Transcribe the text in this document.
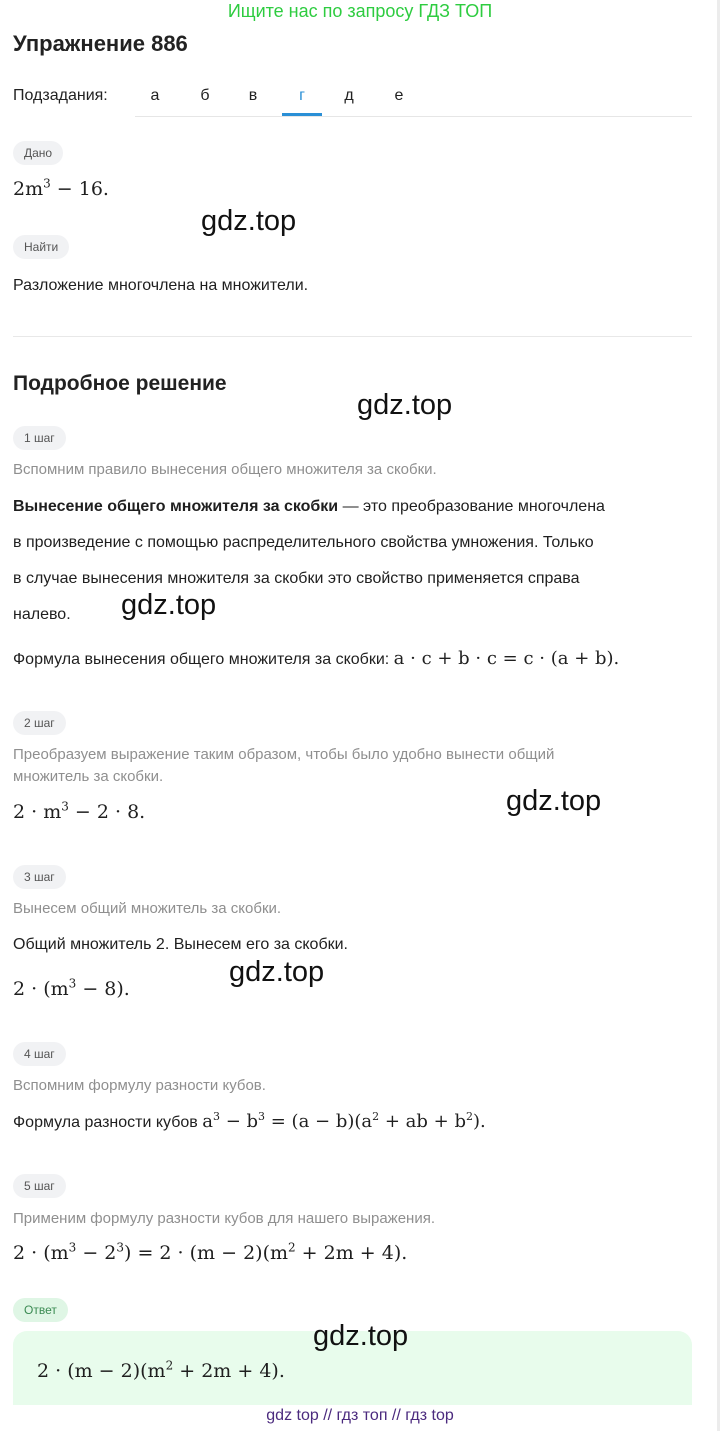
Ищите нас по запросу ГДЗ ТОП
Упражнение 886
Подзадания:	а	б	в	г	д	е
Дано
$2m^3 - 16$.
gdz.top
Найти
Разложение многочлена на множители.
Подробное решение
gdz.top
1 шаг
Вспомним правило вынесения общего множителя за скобки.
Вынесение общего множителя за скобки — это преобразование многочлена
в произведение с помощью распределительного свойства умножения. Только
в случае вынесения множителя за скобки это свойство применяется справа
налево. gdz.top
Формула вынесения общего множителя за скобки: a · c + b · c = c · (a + b).
2 шаг
Преобразуем выражение таким образом, чтобы было удобно вынести общий
множитель за скобки.
$2 \cdot m^3 - 2 \cdot 8$.	gdz.top
3 шаг
Вынесем общий множитель за скобки.
Общий множитель 2. Вынесем его за скобки.
gdz.top
$2 \cdot (m^3 - 8)$.
4 шаг
Вспомним формулу разности кубов.
Формула разности кубов $a^3 - b^3 = (a - b)(a^2$ + ab + $b^2$).
5 шаг
Применим формулу разности кубов для нашего выражения.
$2 \cdot (m^3 - 2^3) = 2 \cdot (m - 2)(m^2 + 2m + 4)$.
Ответ
gdz.top
$2 \cdot (m - 2)(m^2 + 2m + 4)$.
gdz top // гдз топ // гдз top
